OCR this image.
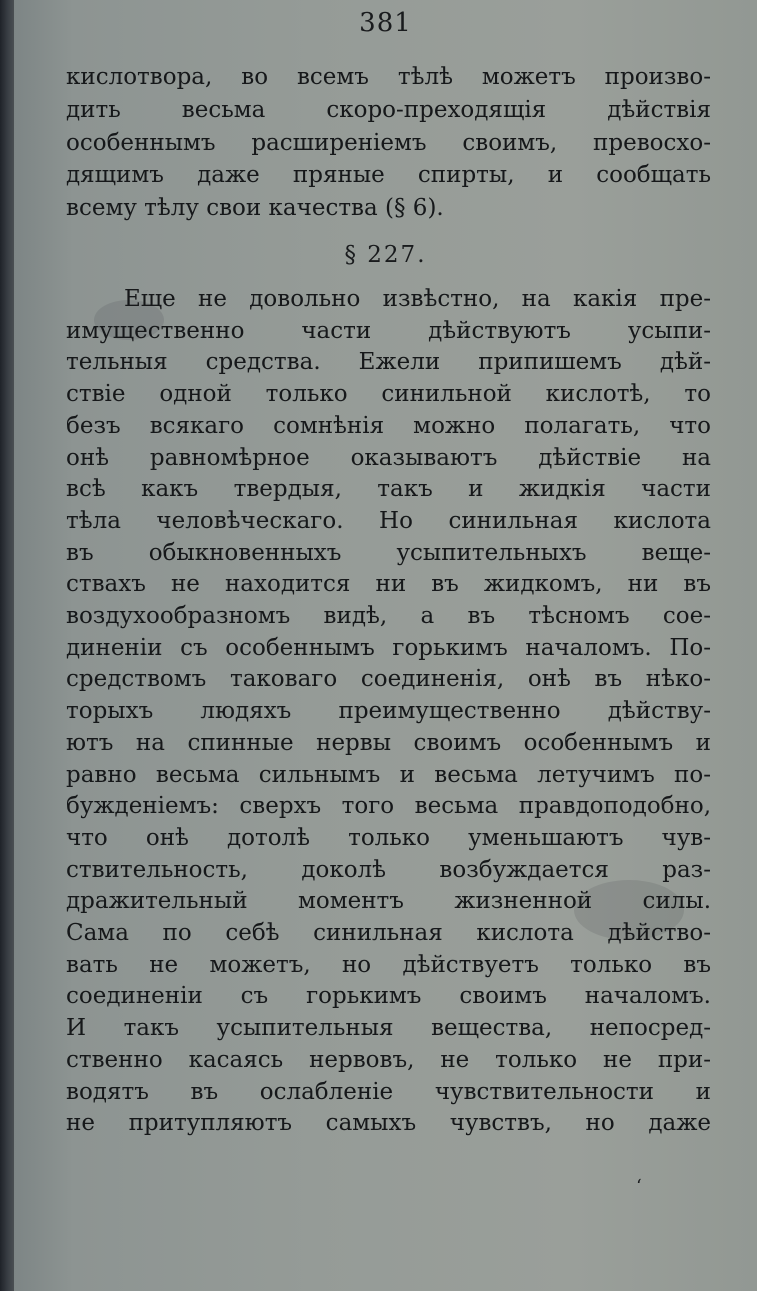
381
кислотвора, во всемъ тѣлѣ можетъ произво-
дить весьма скоро-преходящія дѣйствія
особеннымъ расширеніемъ своимъ, превосхо-
дящимъ даже пряные спирты, и сообщать
всему тѣлу свои качества (§ 6).
§ 227.
Еще не довольно извѣстно, на какія пре-
имущественно части дѣйствуютъ усыпи-
тельныя средства. Ежели припишемъ дѣй-
ствіе одной только синильной кислотѣ, то
безъ всякаго сомнѣнія можно полагать, что
онѣ равномѣрное оказываютъ дѣйствіе на
всѣ какъ твердыя, такъ и жидкія части
тѣла человѣческаго. Но синильная кислота
въ обыкновенныхъ усыпительныхъ веще-
ствахъ не находится ни въ жидкомъ, ни въ
воздухообразномъ видѣ, а въ тѣсномъ сое-
диненіи съ особеннымъ горькимъ началомъ. По-
средствомъ таковаго соединенія, онѣ въ нѣко-
торыхъ людяхъ преимущественно дѣйству-
ютъ на спинные нервы своимъ особеннымъ и
равно весьма сильнымъ и весьма летучимъ по-
бужденіемъ: сверхъ того весьма правдоподобно,
что онѣ дотолѣ только уменьшаютъ чув-
ствительность, доколѣ возбуждается раз-
дражительный моментъ жизненной силы.
Сама по себѣ синильная кислота дѣйство-
вать не можетъ, но дѣйствуетъ только въ
соединеніи съ горькимъ своимъ началомъ.
И такъ усыпительныя вещества, непосред-
ственно касаясь нервовъ, не только не при-
водятъ въ ослабленіе чувствительности и
не притупляютъ самыхъ чувствъ, но даже
ʻ
